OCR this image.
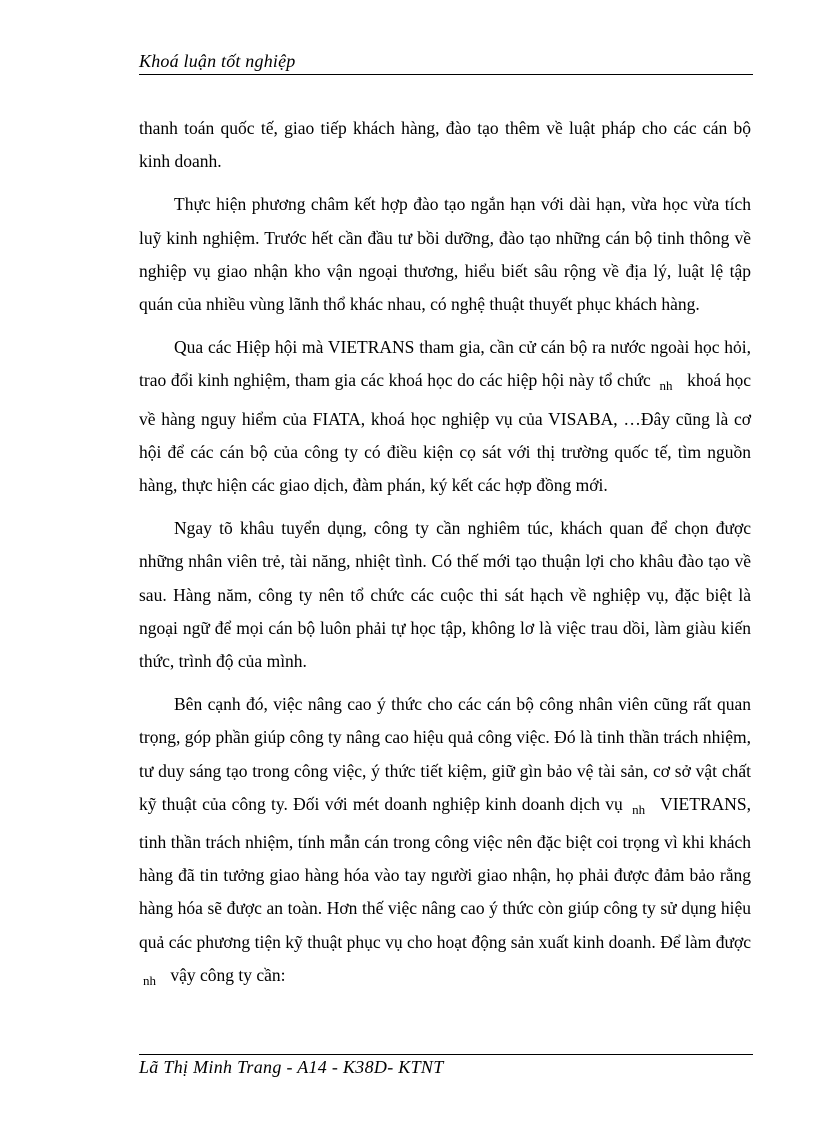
Khoá luận tốt nghiệp

thanh toán quốc tế, giao tiếp khách hàng, đào tạo thêm về luật pháp cho các cán bộ kinh doanh.

Thực hiện phương châm kết hợp đào tạo ngắn hạn với dài hạn, vừa học vừa tích luỹ kinh nghiệm. Trước hết cần đầu tư bồi dưỡng, đào tạo những cán bộ tinh thông về nghiệp vụ giao nhận kho vận ngoại thương, hiểu biết sâu rộng về địa lý, luật lệ tập quán của nhiều vùng lãnh thổ khác nhau, có nghệ thuật thuyết phục khách hàng.

Qua các Hiệp hội mà VIETRANS tham gia, cần cử cán bộ ra nước ngoài học hỏi, trao đổi kinh nghiệm, tham gia các khoá học do các hiệp hội này tổ chức $_{nh}$ khoá học về hàng nguy hiểm của FIATA, khoá học nghiệp vụ của VISABA, …Đây cũng là cơ hội để các cán bộ của công ty có điều kiện cọ sát với thị trường quốc tế, tìm nguồn hàng, thực hiện các giao dịch, đàm phán, ký kết các hợp đồng mới.

Ngay tõ khâu tuyển dụng, công ty cần nghiêm túc, khách quan để chọn được những nhân viên trẻ, tài năng, nhiệt tình. Có thế mới tạo thuận lợi cho khâu đào tạo về sau. Hàng năm, công ty nên tổ chức các cuộc thi sát hạch về nghiệp vụ, đặc biệt là ngoại ngữ để mọi cán bộ luôn phải tự học tập, không lơ là việc trau dồi, làm giàu kiến thức, trình độ của mình.

Bên cạnh đó, việc nâng cao ý thức cho các cán bộ công nhân viên cũng rất quan trọng, góp phần giúp công ty nâng cao hiệu quả công việc. Đó là tinh thần trách nhiệm, tư duy sáng tạo trong công việc, ý thức tiết kiệm, giữ gìn bảo vệ tài sản, cơ sở vật chất kỹ thuật của công ty. Đối với mét doanh nghiệp kinh doanh dịch vụ $_{nh}$ VIETRANS, tinh thần trách nhiệm, tính mẫn cán trong công việc nên đặc biệt coi trọng vì khi khách hàng đã tin tưởng giao hàng hóa vào tay người giao nhận, họ phải được đảm bảo rằng hàng hóa sẽ được an toàn. Hơn thế việc nâng cao ý thức còn giúp công ty sử dụng hiệu quả các phương tiện kỹ thuật phục vụ cho hoạt động sản xuất kinh doanh. Để làm được $_{nh}$ vậy công ty cần:

Lã Thị Minh Trang - A14 - K38D- KTNT
